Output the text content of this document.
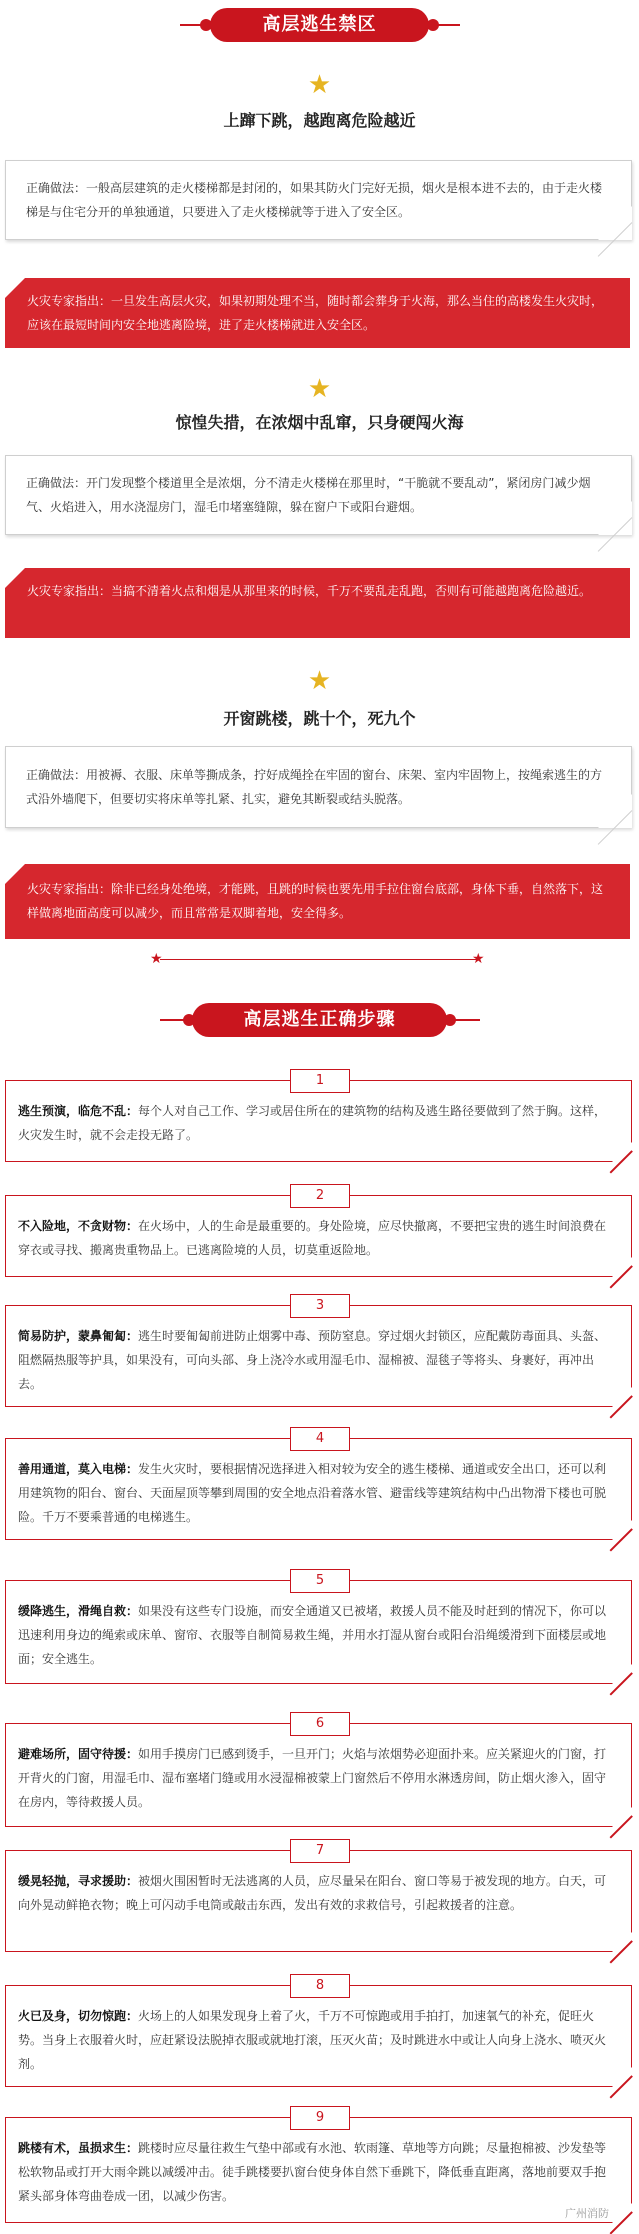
高层逃生禁区
★
上蹿下跳，越跑离危险越近
正确做法：一般高层建筑的走火楼梯都是封闭的，如果其防火门完好无损，烟火是根本进不去的，由于走火楼梯是与住宅分开的单独通道，只要进入了走火楼梯就等于进入了安全区。
火灾专家指出：一旦发生高层火灾，如果初期处理不当，随时都会葬身于火海，那么当住的高楼发生火灾时，应该在最短时间内安全地逃离险境，进了走火楼梯就进入安全区。
★
惊惶失措，在浓烟中乱窜，只身硬闯火海
正确做法：开门发现整个楼道里全是浓烟，分不清走火楼梯在那里时，“干脆就不要乱动”，紧闭房门减少烟气、火焰进入，用水浇湿房门，湿毛巾堵塞缝隙，躲在窗户下或阳台避烟。
火灾专家指出：当搞不清着火点和烟是从那里来的时候，千万不要乱走乱跑，否则有可能越跑离危险越近。
★
开窗跳楼，跳十个，死九个
正确做法：用被褥、衣服、床单等撕成条，拧好成绳拴在牢固的窗台、床架、室内牢固物上，按绳索逃生的方式沿外墙爬下，但要切实将床单等扎紧、扎实，避免其断裂或结头脱落。
火灾专家指出：除非已经身处绝境，才能跳，且跳的时候也要先用手拉住窗台底部，身体下垂，自然落下，这样做离地面高度可以减少，而且常常是双脚着地，安全得多。
★	★
高层逃生正确步骤
1
逃生预演，临危不乱：每个人对自己工作、学习或居住所在的建筑物的结构及逃生路径要做到了然于胸。这样，火灾发生时，就不会走投无路了。
2
不入险地，不贪财物：在火场中，人的生命是最重要的。身处险境，应尽快撤离，不要把宝贵的逃生时间浪费在穿衣或寻找、搬离贵重物品上。已逃离险境的人员，切莫重返险地。
3
简易防护，蒙鼻匍匐：逃生时要匍匐前进防止烟雾中毒、预防窒息。穿过烟火封锁区，应配戴防毒面具、头盔、阻燃隔热服等护具，如果没有，可向头部、身上浇冷水或用湿毛巾、湿棉被、湿毯子等将头、身裹好，再冲出去。
4
善用通道，莫入电梯：发生火灾时，要根据情况选择进入相对较为安全的逃生楼梯、通道或安全出口，还可以利用建筑物的阳台、窗台、天面屋顶等攀到周围的安全地点沿着落水管、避雷线等建筑结构中凸出物滑下楼也可脱险。千万不要乘普通的电梯逃生。
5
缓降逃生，滑绳自救：如果没有这些专门设施，而安全通道又已被堵，救援人员不能及时赶到的情况下，你可以迅速利用身边的绳索或床单、窗帘、衣服等自制简易救生绳，并用水打湿从窗台或阳台沿绳缓滑到下面楼层或地面；安全逃生。
6
避难场所，固守待援：如用手摸房门已感到烫手，一旦开门；火焰与浓烟势必迎面扑来。应关紧迎火的门窗，打开背火的门窗，用湿毛巾、湿布塞堵门缝或用水浸湿棉被蒙上门窗然后不停用水淋透房间，防止烟火渗入，固守在房内，等待救援人员。
7
缓晃轻抛，寻求援助：被烟火围困暂时无法逃离的人员，应尽量呆在阳台、窗口等易于被发现的地方。白天，可向外晃动鲜艳衣物；晚上可闪动手电筒或敲击东西，发出有效的求救信号，引起救援者的注意。
8
火已及身，切勿惊跑：火场上的人如果发现身上着了火，千万不可惊跑或用手拍打，加速氧气的补充，促旺火势。当身上衣服着火时，应赶紧设法脱掉衣服或就地打滚，压灭火苗；及时跳进水中或让人向身上浇水、喷灭火剂。
9
跳楼有术，虽损求生：跳楼时应尽量往救生气垫中部或有水池、软雨篷、草地等方向跳；尽量抱棉被、沙发垫等松软物品或打开大雨伞跳以减缓冲击。徒手跳楼要扒窗台使身体自然下垂跳下，降低垂直距离，落地前要双手抱紧头部身体弯曲卷成一团，以减少伤害。
广州消防
